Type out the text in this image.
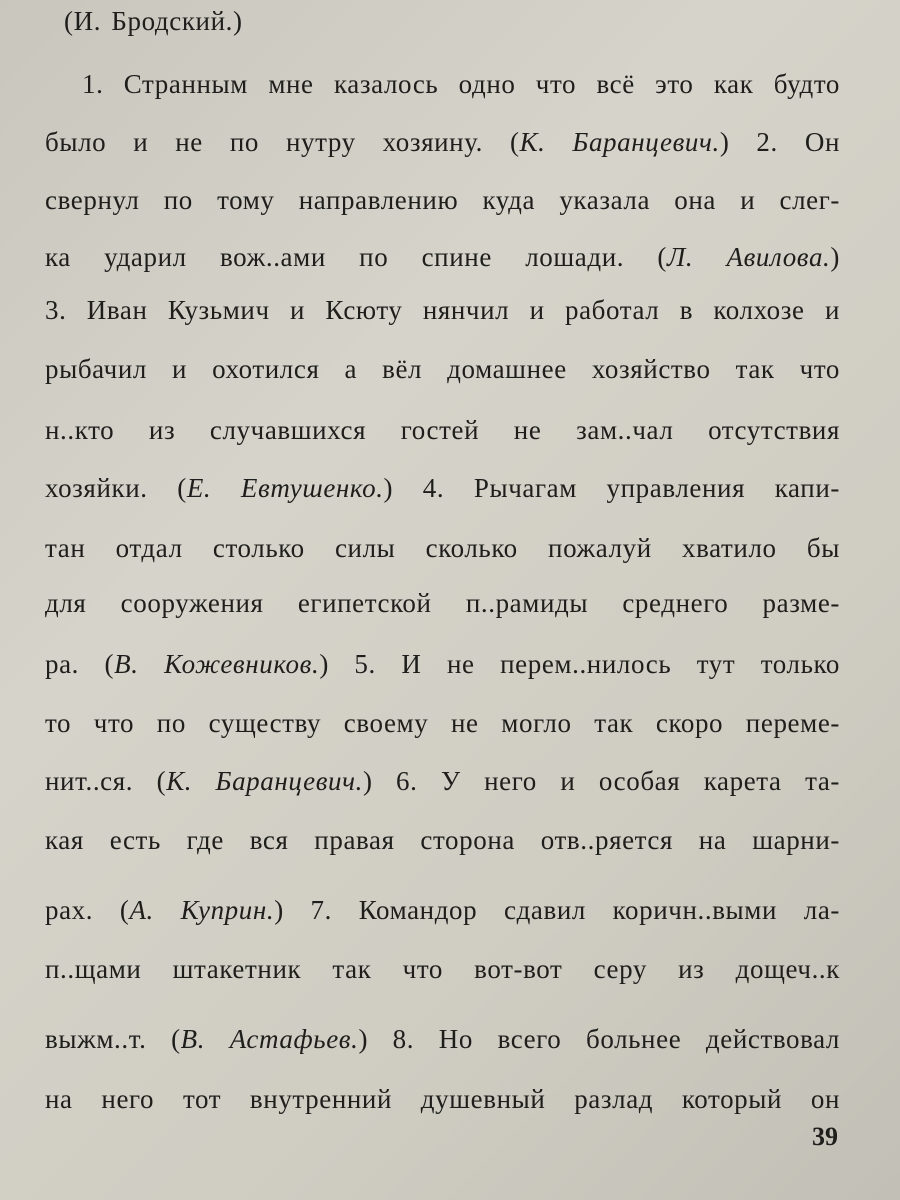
(И. Бродский.)
1. Странным мне казалось одно что всё это как будто
было и не по нутру хозяину. (К. Баранцевич.) 2. Он
свернул по тому направлению куда указала она и слег-
ка ударил вож..ами по спине лошади. (Л. Авилова.)
3. Иван Кузьмич и Ксюту нянчил и работал в колхозе и
рыбачил и охотился а вёл домашнее хозяйство так что
н..кто из случавшихся гостей не зам..чал отсутствия
хозяйки. (Е. Евтушенко.) 4. Рычагам управления капи-
тан отдал столько силы сколько пожалуй хватило бы
для сооружения египетской п..рамиды среднего разме-
ра. (В. Кожевников.) 5. И не перем..нилось тут только
то что по существу своему не могло так скоро переме-
нит..ся. (К. Баранцевич.) 6. У него и особая карета та-
кая есть где вся правая сторона отв..ряется на шарни-
рах. (А. Куприн.) 7. Командор сдавил коричн..выми ла-
п..щами штакетник так что вот-вот серу из дощеч..к
выжм..т. (В. Астафьев.) 8. Но всего больнее действовал
на него тот внутренний душевный разлад который он
39
